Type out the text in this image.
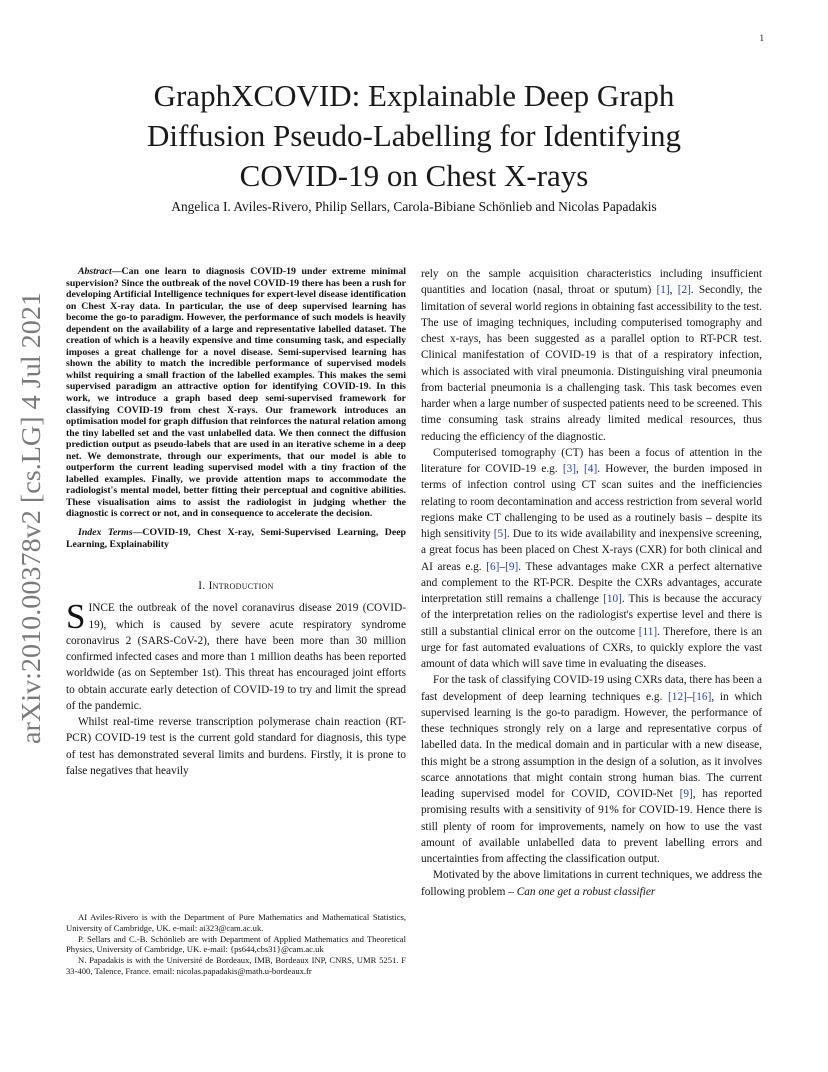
1
arXiv:2010.00378v2 [cs.LG] 4 Jul 2021
GraphXCOVID: Explainable Deep Graph
Diffusion Pseudo-Labelling for Identifying
COVID-19 on Chest X-rays
Angelica I. Aviles-Rivero, Philip Sellars, Carola-Bibiane Schönlieb and Nicolas Papadakis

Abstract—Can one learn to diagnosis COVID-19 under extreme minimal supervision? Since the outbreak of the novel COVID-19 there has been a rush for developing Artificial Intelligence techniques for expert-level disease identification on Chest X-ray data. In particular, the use of deep supervised learning has become the go-to paradigm. However, the performance of such models is heavily dependent on the availability of a large and representative labelled dataset. The creation of which is a heavily expensive and time consuming task, and especially imposes a great challenge for a novel disease. Semi-supervised learning has shown the ability to match the incredible performance of supervised models whilst requiring a small fraction of the labelled examples. This makes the semi supervised paradigm an attractive option for identifying COVID-19. In this work, we introduce a graph based deep semi-supervised framework for classifying COVID-19 from chest X-rays. Our framework introduces an optimisation model for graph diffusion that reinforces the natural relation among the tiny labelled set and the vast unlabelled data. We then connect the diffusion prediction output as pseudo-labels that are used in an iterative scheme in a deep net. We demonstrate, through our experiments, that our model is able to outperform the current leading supervised model with a tiny fraction of the labelled examples. Finally, we provide attention maps to accommodate the radiologist's mental model, better fitting their perceptual and cognitive abilities. These visualisation aims to assist the radiologist in judging whether the diagnostic is correct or not, and in consequence to accelerate the decision.

Index Terms—COVID-19, Chest X-ray, Semi-Supervised Learning, Deep Learning, Explainability

I. Introduction

SINCE the outbreak of the novel coranavirus disease 2019 (COVID-19), which is caused by severe acute respiratory syndrome coronavirus 2 (SARS-CoV-2), there have been more than 30 million confirmed infected cases and more than 1 million deaths has been reported worldwide (as on September 1st). This threat has encouraged joint efforts to obtain accurate early detection of COVID-19 to try and limit the spread of the pandemic.

Whilst real-time reverse transcription polymerase chain reaction (RT-PCR) COVID-19 test is the current gold standard for diagnosis, this type of test has demonstrated several limits and burdens. Firstly, it is prone to false negatives that heavily

AI Aviles-Rivero is with the Department of Pure Mathematics and Mathematical Statistics, University of Cambridge, UK. e-mail: ai323@cam.ac.uk.

P. Sellars and C.-B. Schönlieb are with Department of Applied Mathematics and Theoretical Physics, University of Cambridge, UK. e-mail: {ps644,cbs31}@cam.ac.uk

N. Papadakis is with the Université de Bordeaux, IMB, Bordeaux INP, CNRS, UMR 5251. F 33-400, Talence, France. email: nicolas.papadakis@math.u-bordeaux.fr

rely on the sample acquisition characteristics including insufficient quantities and location (nasal, throat or sputum) [1], [2]. Secondly, the limitation of several world regions in obtaining fast accessibility to the test. The use of imaging techniques, including computerised tomography and chest x-rays, has been suggested as a parallel option to RT-PCR test. Clinical manifestation of COVID-19 is that of a respiratory infection, which is associated with viral pneumonia. Distinguishing viral pneumonia from bacterial pneumonia is a challenging task. This task becomes even harder when a large number of suspected patients need to be screened. This time consuming task strains already limited medical resources, thus reducing the efficiency of the diagnostic.

Computerised tomography (CT) has been a focus of attention in the literature for COVID-19 e.g. [3], [4]. However, the burden imposed in terms of infection control using CT scan suites and the inefficiencies relating to room decontamination and access restriction from several world regions make CT challenging to be used as a routinely basis – despite its high sensitivity [5]. Due to its wide availability and inexpensive screening, a great focus has been placed on Chest X-rays (CXR) for both clinical and AI areas e.g. [6]–[9]. These advantages make CXR a perfect alternative and complement to the RT-PCR. Despite the CXRs advantages, accurate interpretation still remains a challenge [10]. This is because the accuracy of the interpretation relies on the radiologist's expertise level and there is still a substantial clinical error on the outcome [11]. Therefore, there is an urge for fast automated evaluations of CXRs, to quickly explore the vast amount of data which will save time in evaluating the diseases.

For the task of classifying COVID-19 using CXRs data, there has been a fast development of deep learning techniques e.g. [12]–[16], in which supervised learning is the go-to paradigm. However, the performance of these techniques strongly rely on a large and representative corpus of labelled data. In the medical domain and in particular with a new disease, this might be a strong assumption in the design of a solution, as it involves scarce annotations that might contain strong human bias. The current leading supervised model for COVID, COVID-Net [9], has reported promising results with a sensitivity of 91% for COVID-19. Hence there is still plenty of room for improvements, namely on how to use the vast amount of available unlabelled data to prevent labelling errors and uncertainties from affecting the classification output.

Motivated by the above limitations in current techniques, we address the following problem – Can one get a robust classifier
